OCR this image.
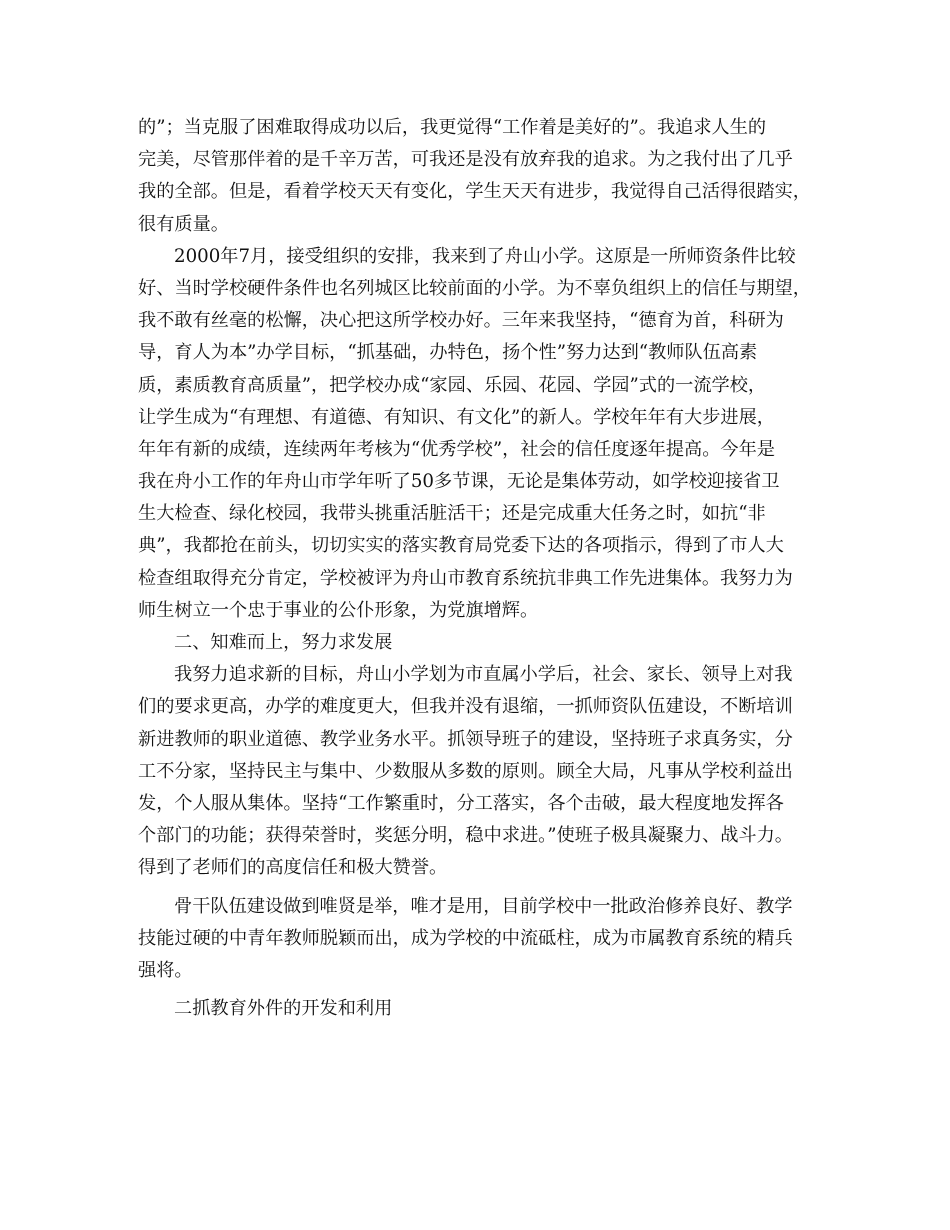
的”；当克服了困难取得成功以后，我更觉得“工作着是美好的”。我追求人生的
完美，尽管那伴着的是千辛万苦，可我还是没有放弃我的追求。为之我付出了几乎
我的全部。但是，看着学校天天有变化，学生天天有进步，我觉得自己活得很踏实，
很有质量。
2000年7月，接受组织的安排，我来到了舟山小学。这原是一所师资条件比较
好、当时学校硬件条件也名列城区比较前面的小学。为不辜负组织上的信任与期望，
我不敢有丝毫的松懈，决心把这所学校办好。三年来我坚持，“德育为首，科研为
导，育人为本”办学目标，“抓基础，办特色，扬个性”努力达到“教师队伍高素
质，素质教育高质量”，把学校办成“家园、乐园、花园、学园”式的一流学校，
让学生成为“有理想、有道德、有知识、有文化”的新人。学校年年有大步进展，
年年有新的成绩，连续两年考核为“优秀学校”，社会的信任度逐年提高。今年是
我在舟小工作的年舟山市学年听了50多节课，无论是集体劳动，如学校迎接省卫
生大检查、绿化校园，我带头挑重活脏活干；还是完成重大任务之时，如抗“非
典”，我都抢在前头，切切实实的落实教育局党委下达的各项指示，得到了市人大
检查组取得充分肯定，学校被评为舟山市教育系统抗非典工作先进集体。我努力为
师生树立一个忠于事业的公仆形象，为党旗增辉。
二、知难而上，努力求发展
我努力追求新的目标，舟山小学划为市直属小学后，社会、家长、领导上对我
们的要求更高，办学的难度更大，但我并没有退缩，一抓师资队伍建设，不断培训
新进教师的职业道德、教学业务水平。抓领导班子的建设，坚持班子求真务实，分
工不分家，坚持民主与集中、少数服从多数的原则。顾全大局，凡事从学校利益出
发，个人服从集体。坚持“工作繁重时，分工落实，各个击破，最大程度地发挥各
个部门的功能；获得荣誉时，奖惩分明，稳中求进。”使班子极具凝聚力、战斗力。
得到了老师们的高度信任和极大赞誉。
骨干队伍建设做到唯贤是举，唯才是用，目前学校中一批政治修养良好、教学
技能过硬的中青年教师脱颖而出，成为学校的中流砥柱，成为市属教育系统的精兵
强将。
二抓教育外件的开发和利用
